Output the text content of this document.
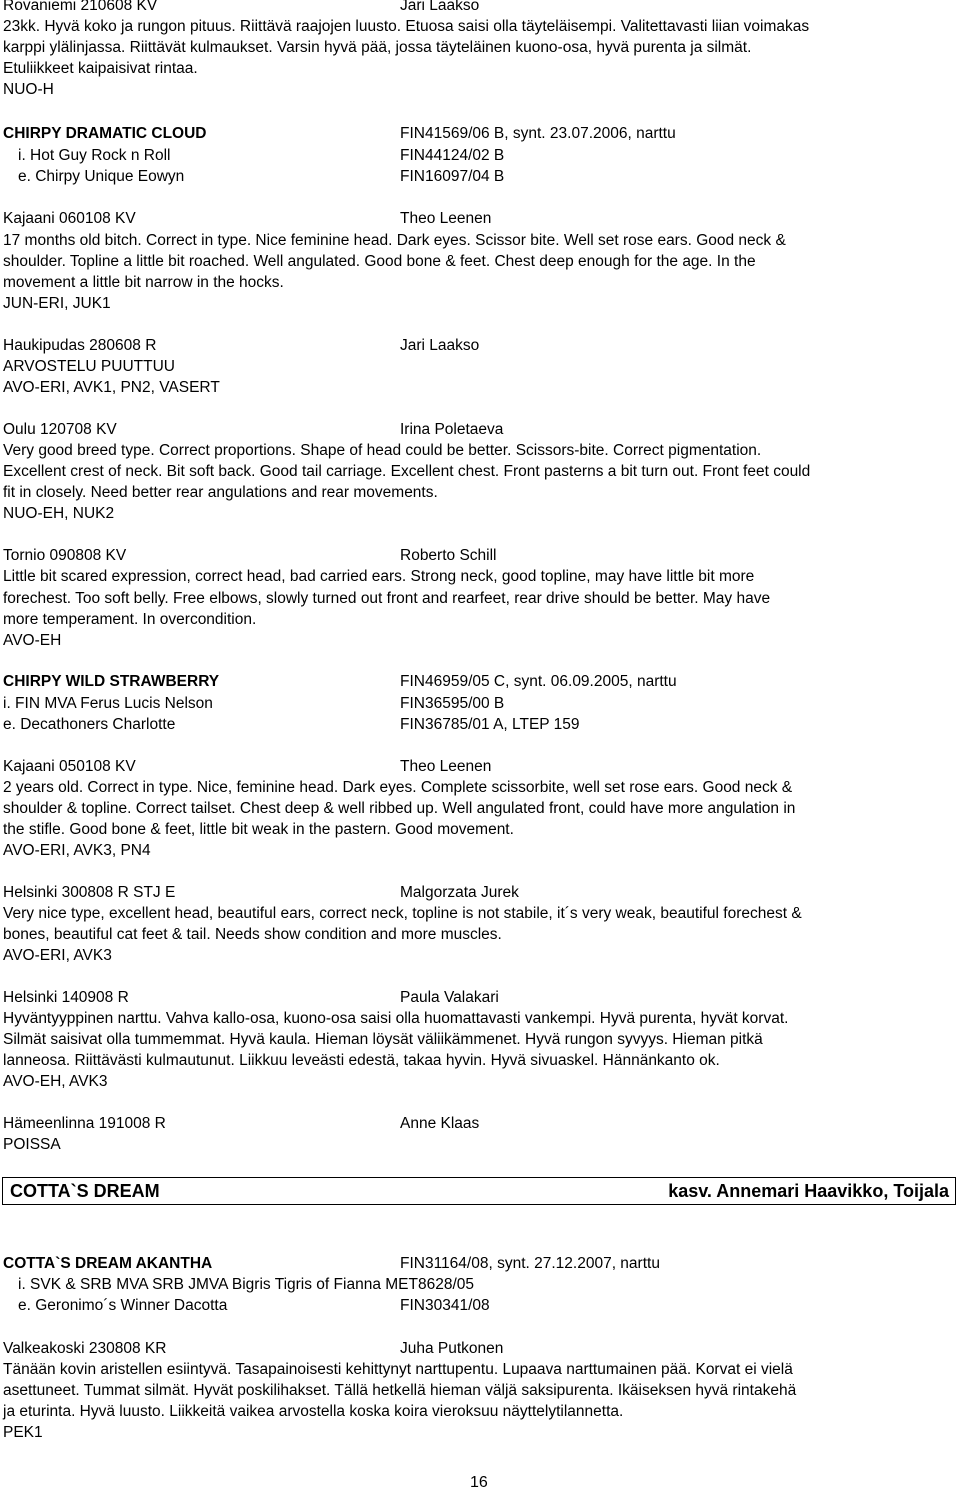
Rovaniemi 210608 KV	Jari Laakso
23kk. Hyvä koko ja rungon pituus. Riittävä raajojen luusto. Etuosa saisi olla täyteläisempi. Valitettavasti liian voimakas
karppi ylälinjassa. Riittävät kulmaukset. Varsin hyvä pää, jossa täyteläinen kuono-osa, hyvä purenta ja silmät.
Etuliikkeet kaipaisivat rintaa.
NUO-H
CHIRPY DRAMATIC CLOUD	FIN41569/06 B, synt. 23.07.2006, narttu
i. Hot Guy Rock n Roll	FIN44124/02 B
e. Chirpy Unique Eowyn	FIN16097/04 B
Kajaani 060108 KV	Theo Leenen
17 months old bitch. Correct in type. Nice feminine head. Dark eyes. Scissor bite. Well set rose ears. Good neck &
shoulder. Topline a little bit roached. Well angulated. Good bone & feet. Chest deep enough for the age. In the
movement a little bit narrow in the hocks.
JUN-ERI, JUK1
Haukipudas 280608 R	Jari Laakso
ARVOSTELU PUUTTUU
AVO-ERI, AVK1, PN2, VASERT
Oulu 120708 KV	Irina Poletaeva
Very good breed type. Correct proportions. Shape of head could be better. Scissors-bite. Correct pigmentation.
Excellent crest of neck. Bit soft back. Good tail carriage. Excellent chest. Front pasterns a bit turn out. Front feet could
fit in closely. Need better rear angulations and rear movements.
NUO-EH, NUK2
Tornio 090808 KV	Roberto Schill
Little bit scared expression, correct head, bad carried ears. Strong neck, good topline, may have little bit more
forechest. Too soft belly. Free elbows, slowly turned out front and rearfeet, rear drive should be better. May have
more temperament. In overcondition.
AVO-EH
CHIRPY WILD STRAWBERRY	FIN46959/05 C, synt. 06.09.2005, narttu
i. FIN MVA Ferus Lucis Nelson	FIN36595/00 B
e. Decathoners Charlotte	FIN36785/01 A, LTEP 159
Kajaani 050108 KV	Theo Leenen
2 years old. Correct in type. Nice, feminine head. Dark eyes. Complete scissorbite, well set rose ears. Good neck &
shoulder & topline. Correct tailset. Chest deep & well ribbed up. Well angulated front, could have more angulation in
the stifle. Good bone & feet, little bit weak in the pastern. Good movement.
AVO-ERI, AVK3, PN4
Helsinki 300808 R STJ E	Malgorzata Jurek
Very nice type, excellent head, beautiful ears, correct neck, topline is not stabile, it´s very weak, beautiful forechest &
bones, beautiful cat feet & tail. Needs show condition and more muscles.
AVO-ERI, AVK3
Helsinki 140908 R	Paula Valakari
Hyväntyyppinen narttu. Vahva kallo-osa, kuono-osa saisi olla huomattavasti vankempi. Hyvä purenta, hyvät korvat.
Silmät saisivat olla tummemmat. Hyvä kaula. Hieman löysät väliikämmenet. Hyvä rungon syvyys. Hieman pitkä
lanneosa. Riittävästi kulmautunut. Liikkuu leveästi edestä, takaa hyvin. Hyvä sivuaskel. Hännänkanto ok.
AVO-EH, AVK3
Hämeenlinna 191008 R	Anne Klaas
POISSA
COTTA`S DREAM	kasv. Annemari Haavikko, Toijala
COTTA`S DREAM AKANTHA	FIN31164/08, synt. 27.12.2007, narttu
i. SVK & SRB MVA SRB JMVA Bigris Tigris of Fianna MET8628/05
e. Geronimo´s Winner Dacotta	FIN30341/08
Valkeakoski 230808 KR	Juha Putkonen
Tänään kovin aristellen esiintyvä. Tasapainoisesti kehittynyt narttupentu. Lupaava narttumainen pää. Korvat ei vielä
asettuneet. Tummat silmät. Hyvät poskilihakset. Tällä hetkellä hieman väljä saksipurenta. Ikäiseksen hyvä rintakehä
ja eturinta. Hyvä luusto. Liikkeitä vaikea arvostella koska koira vieroksuu näyttelytilannetta.
PEK1
16
